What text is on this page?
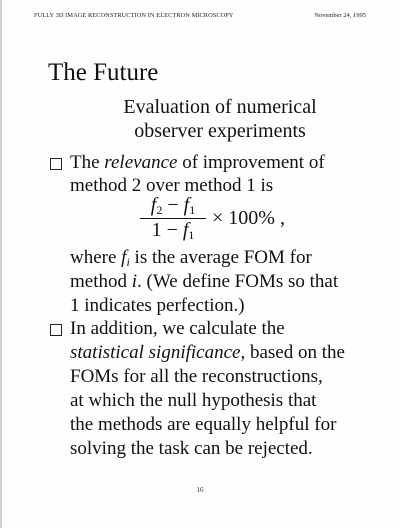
FULLY 3D IMAGE RECONSTRUCTION IN ELECTRON MICROSCOPY	November 24, 1995
The Future
Evaluation of numerical
observer experiments
The relevance of improvement of
method 2 over method 1 is
f2 − f1
1 − f1
× 100% ,
where $f_i$ is the average FOM for
method i. (We define FOMs so that
1 indicates perfection.)
In addition, we calculate the
statistical significance, based on the
FOMs for all the reconstructions,
at which the null hypothesis that
the methods are equally helpful for
solving the task can be rejected.
16
